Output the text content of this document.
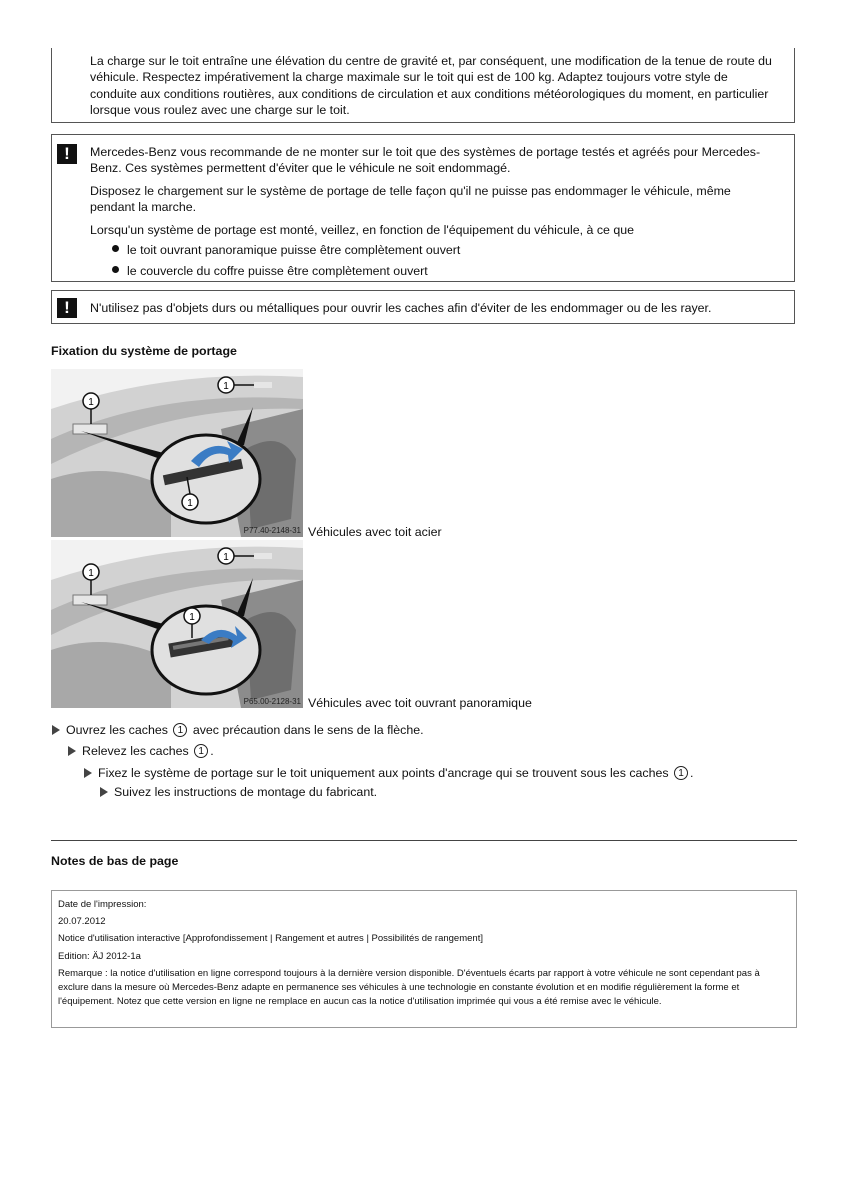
La charge sur le toit entraîne une élévation du centre de gravité et, par conséquent, une modification de la tenue de route du véhicule. Respectez impérativement la charge maximale sur le toit qui est de 100 kg. Adaptez toujours votre style de conduite aux conditions routières, aux conditions de circulation et aux conditions météorologiques du moment, en particulier lorsque vous roulez avec une charge sur le toit.

!	Mercedes-Benz vous recommande de ne monter sur le toit que des systèmes de portage testés et agréés pour Mercedes-Benz. Ces systèmes permettent d'éviter que le véhicule ne soit endommagé.

Disposez le chargement sur le système de portage de telle façon qu'il ne puisse pas endommager le véhicule, même pendant la marche.

Lorsqu'un système de portage est monté, veillez, en fonction de l'équipement du véhicule, à ce que

le toit ouvrant panoramique puisse être complètement ouvert
le couvercle du coffre puisse être complètement ouvert
!	N'utilisez pas d'objets durs ou métalliques pour ouvrir les caches afin d'éviter de les endommager ou de les rayer.

Fixation du système de portage
1
1
1
P77.40-2148-31 Véhicules avec toit acier
1
1
1
P65.00-2128-31 Véhicules avec toit ouvrant panoramique
Ouvrez les caches 1 avec précaution dans le sens de la flèche.
Relevez les caches 1 .
Fixez le système de portage sur le toit uniquement aux points d'ancrage qui se trouvent sous les caches 1 .
Suivez les instructions de montage du fabricant.
Notes de bas de page

Date de l'impression:

20.07.2012

Notice d'utilisation interactive [Approfondissement | Rangement et autres | Possibilités de rangement]

Edition: ÄJ 2012-1a

Remarque : la notice d'utilisation en ligne correspond toujours à la dernière version disponible. D'éventuels écarts par rapport à votre véhicule ne sont cependant pas à exclure dans la mesure où Mercedes-Benz adapte en permanence ses véhicules à une technologie en constante évolution et en modifie régulièrement la forme et l'équipement. Notez que cette version en ligne ne remplace en aucun cas la notice d'utilisation imprimée qui vous a été remise avec le véhicule.
